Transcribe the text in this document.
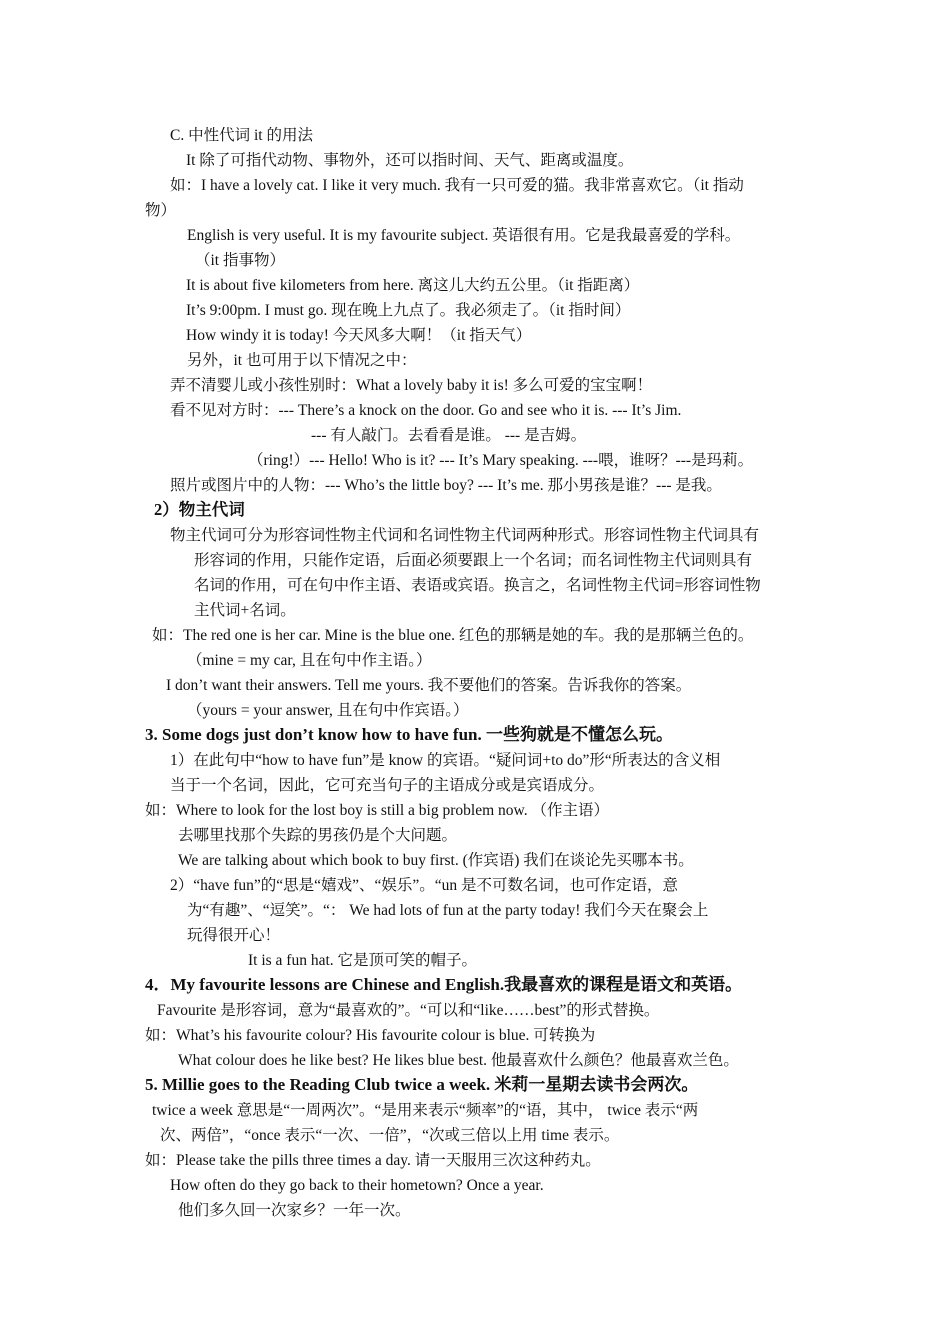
C. 中性代词 it 的用法
It 除了可指代动物、事物外，还可以指时间、天气、距离或温度。
如：I have a lovely cat. I like it very much. 我有一只可爱的猫。我非常喜欢它。（it 指动
物）
English is very useful. It is my favourite subject. 英语很有用。它是我最喜爱的学科。
（it 指事物）
It is about five kilometers from here. 离这儿大约五公里。（it 指距离）
It’s 9:00pm. I must go. 现在晚上九点了。我必须走了。（it 指时间）
How windy it is today! 今天风多大啊！（it 指天气）
另外，it 也可用于以下情况之中：
弄不清婴儿或小孩性别时：What a lovely baby it is! 多么可爱的宝宝啊！
看不见对方时：--- There’s a knock on the door. Go and see who it is. --- It’s Jim.
--- 有人敲门。去看看是谁。 --- 是吉姆。
（ring!）--- Hello! Who is it? --- It’s Mary speaking. ---喂，谁呀？---是玛莉。
照片或图片中的人物：--- Who’s the little boy? --- It’s me. 那小男孩是谁？--- 是我。
2）物主代词
物主代词可分为形容词性物主代词和名词性物主代词两种形式。形容词性物主代词具有
形容词的作用，只能作定语，后面必须要跟上一个名词；而名词性物主代词则具有
名词的作用，可在句中作主语、表语或宾语。换言之，名词性物主代词=形容词性物
主代词+名词。
如：The red one is her car. Mine is the blue one. 红色的那辆是她的车。我的是那辆兰色的。
（mine = my car, 且在句中作主语。）
I don’t want their answers. Tell me yours. 我不要他们的答案。告诉我你的答案。
（yours = your answer, 且在句中作宾语。）
3. Some dogs just don’t know how to have fun. 一些狗就是不懂怎么玩。
1）在此句中“how to have fun”是 know 的宾语。“疑问词+to do”形“所表达的含义相
当于一个名词，因此，它可充当句子的主语成分或是宾语成分。
如：Where to look for the lost boy is still a big problem now. （作主语）
去哪里找那个失踪的男孩仍是个大问题。
We are talking about which book to buy first. (作宾语) 我们在谈论先买哪本书。
2）“have fun”的“思是“嬉戏”、“娱乐”。“un 是不可数名词，也可作定语，意
为“有趣”、“逗笑”。“： We had lots of fun at the party today! 我们今天在聚会上
玩得很开心！
It is a fun hat. 它是顶可笑的帽子。
4．My favourite lessons are Chinese and English.我最喜欢的课程是语文和英语。
Favourite 是形容词，意为“最喜欢的”。“可以和“like……best”的形式替换。
如：What’s his favourite colour? His favourite colour is blue. 可转换为
What colour does he like best? He likes blue best. 他最喜欢什么颜色？他最喜欢兰色。
5. Millie goes to the Reading Club twice a week. 米莉一星期去读书会两次。
twice a week 意思是“一周两次”。“是用来表示“频率”的“语，其中， twice 表示“两
次、两倍”，“once 表示“一次、一倍”，“次或三倍以上用 time 表示。
如：Please take the pills three times a day. 请一天服用三次这种药丸。
How often do they go back to their hometown? Once a year.
他们多久回一次家乡？一年一次。
